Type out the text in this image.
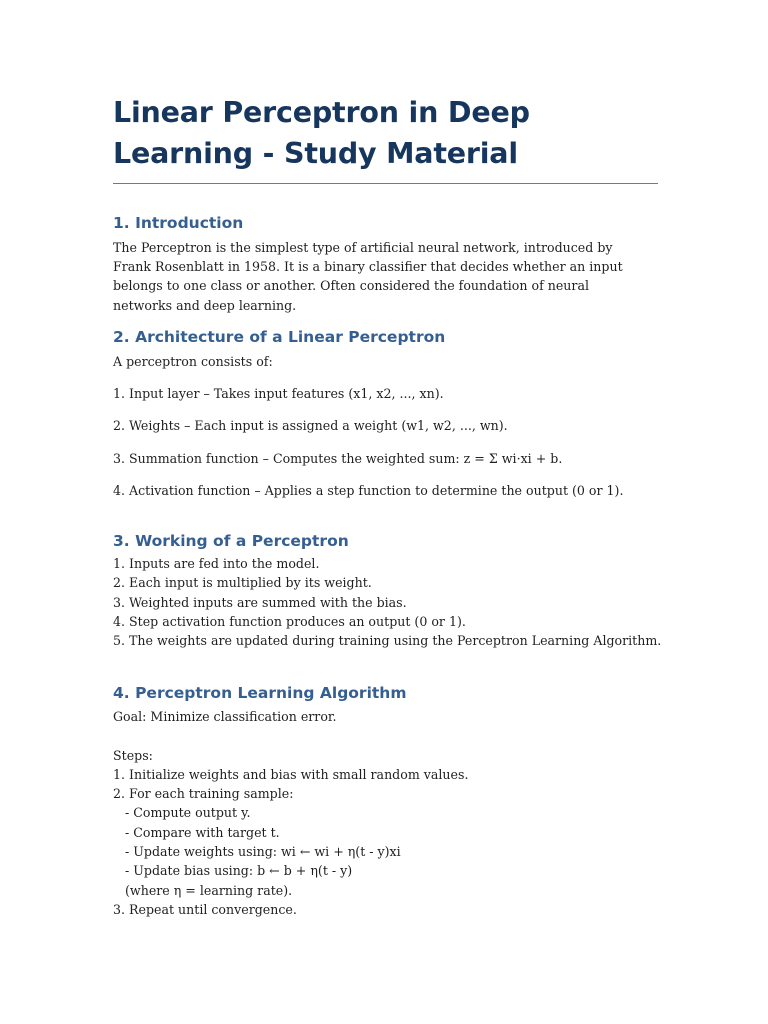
Linear Perceptron in Deep Learning - Study Material
1. Introduction

The Perceptron is the simplest type of artificial neural network, introduced by Frank Rosenblatt in 1958. It is a binary classifier that decides whether an input belongs to one class or another. Often considered the foundation of neural networks and deep learning.

2. Architecture of a Linear Perceptron

A perceptron consists of:

1. Input layer – Takes input features (x1, x2, ..., xn).

2. Weights – Each input is assigned a weight (w1, w2, ..., wn).

3. Summation function – Computes the weighted sum: z = Σ wi·xi + b.

4. Activation function – Applies a step function to determine the output (0 or 1).

3. Working of a Perceptron
1. Inputs are fed into the model.
2. Each input is multiplied by its weight.
3. Weighted inputs are summed with the bias.
4. Step activation function produces an output (0 or 1).
5. The weights are updated during training using the Perceptron Learning Algorithm.
4. Perceptron Learning Algorithm
Goal: Minimize classification error.
Steps:
1. Initialize weights and bias with small random values.
2. For each training sample:
- Compute output y.
- Compare with target t.
- Update weights using: wi ← wi + η(t - y)xi
- Update bias using: b ← b + η(t - y)
(where η = learning rate).
3. Repeat until convergence.
